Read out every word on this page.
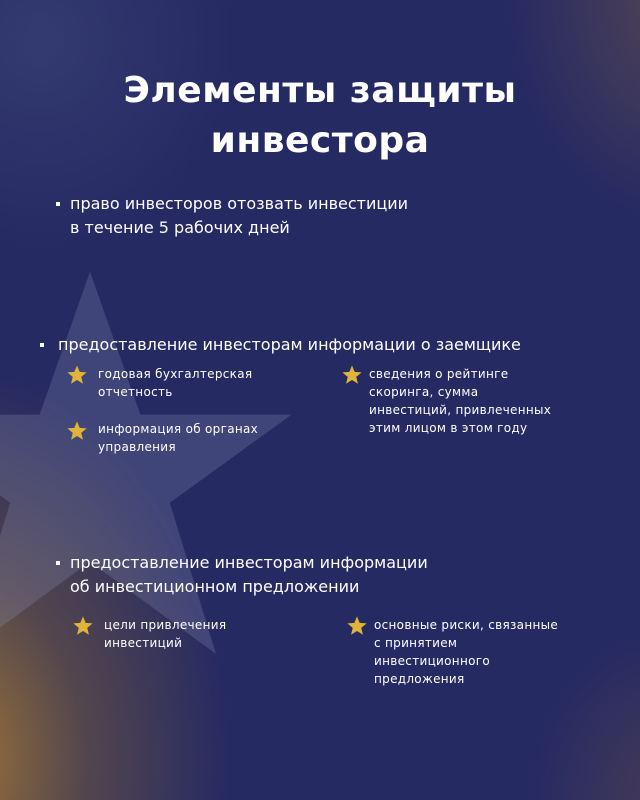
Элементы защиты
инвестора
право инвесторов отозвать инвестиции
в течение 5 рабочих дней
предоставление инвесторам информации о заемщике
годовая бухгалтерская
отчетность
сведения о рейтинге
скоринга, сумма
инвестиций, привлеченных
этим лицом в этом году
информация об органах
управления
предоставление инвесторам информации
об инвестиционном предложении
цели привлечения
инвестиций
основные риски, связанные
с принятием
инвестиционного
предложения
